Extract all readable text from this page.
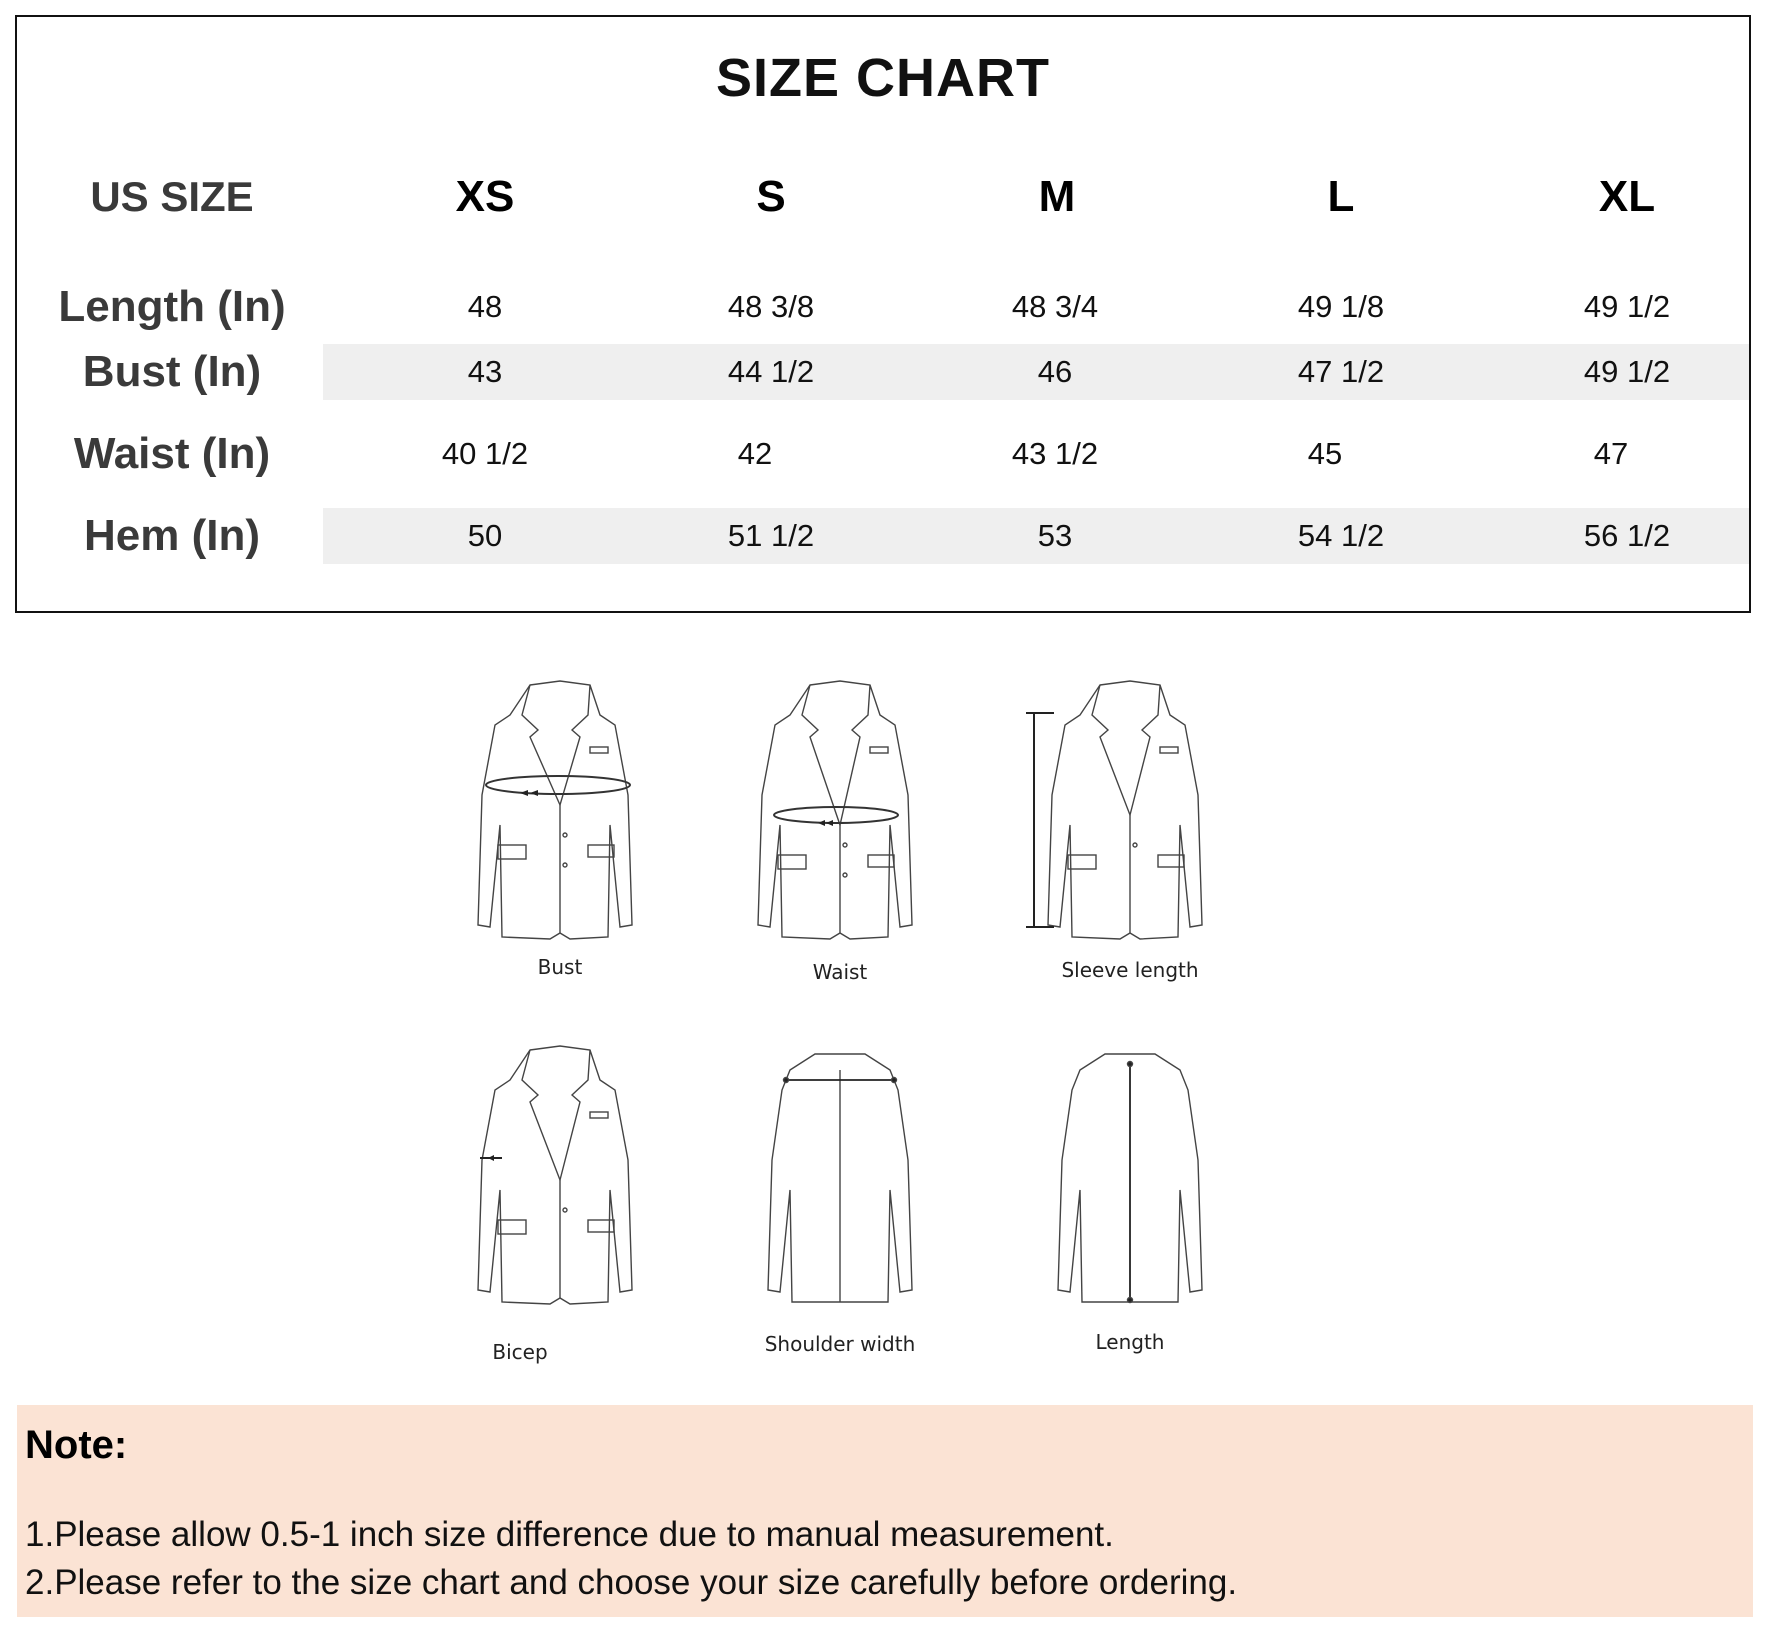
SIZE CHART
US SIZE	XS	S	M	L	XL
Length (In)	48	48 3/8	48 3/4	49 1/8	49 1/2
Bust (In)	43	44 1/2	46	47 1/2	49 1/2
Waist (In)	40 1/2	42	43 1/2	45	47
Hem (In)	50	51 1/2	53	54 1/2	56 1/2
Bust	Waist	Sleeve length
Bicep	Shoulder width	Length
Note:
1.Please allow 0.5-1 inch size difference due to manual measurement.
2.Please refer to the size chart and choose your size carefully before ordering.
